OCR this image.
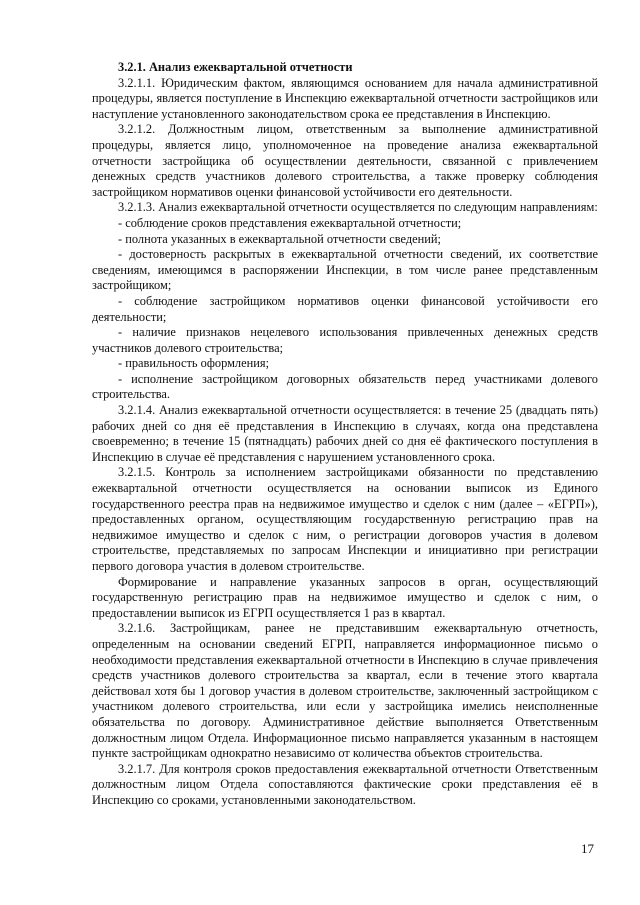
3.2.1. Анализ ежеквартальной отчетности

3.2.1.1. Юридическим фактом, являющимся основанием для начала административной процедуры, является поступление в Инспекцию ежеквартальной отчетности застройщиков или наступление установленного законодательством срока ее представления в Инспекцию.

3.2.1.2. Должностным лицом, ответственным за выполнение административной процедуры, является лицо, уполномоченное на проведение анализа ежеквартальной отчетности застройщика об осуществлении деятельности, связанной с привлечением денежных средств участников долевого строительства, а также проверку соблюдения застройщиком нормативов оценки финансовой устойчивости его деятельности.

3.2.1.3. Анализ ежеквартальной отчетности осуществляется по следующим направлениям:

- соблюдение сроков представления ежеквартальной отчетности;

- полнота указанных в ежеквартальной отчетности сведений;

- достоверность раскрытых в ежеквартальной отчетности сведений, их соответствие сведениям, имеющимся в распоряжении Инспекции, в том числе ранее представленным застройщиком;

- соблюдение застройщиком нормативов оценки финансовой устойчивости его деятельности;

- наличие признаков нецелевого использования привлеченных денежных средств участников долевого строительства;

- правильность оформления;

- исполнение застройщиком договорных обязательств перед участниками долевого строительства.

3.2.1.4. Анализ ежеквартальной отчетности осуществляется: в течение 25 (двадцать пять) рабочих дней со дня её представления в Инспекцию в случаях, когда она представлена своевременно; в течение 15 (пятнадцать) рабочих дней со дня её фактического поступления в Инспекцию в случае её представления с нарушением установленного срока.

3.2.1.5. Контроль за исполнением застройщиками обязанности по представлению ежеквартальной отчетности осуществляется на основании выписок из Единого государственного реестра прав на недвижимое имущество и сделок с ним (далее – «ЕГРП»), предоставленных органом, осуществляющим государственную регистрацию прав на недвижимое имущество и сделок с ним, о регистрации договоров участия в долевом строительстве, представляемых по запросам Инспекции и инициативно при регистрации первого договора участия в долевом строительстве.

Формирование и направление указанных запросов в орган, осуществляющий государственную регистрацию прав на недвижимое имущество и сделок с ним, о предоставлении выписок из ЕГРП осуществляется 1 раз в квартал.

3.2.1.6. Застройщикам, ранее не представившим ежеквартальную отчетность, определенным на основании сведений ЕГРП, направляется информационное письмо о необходимости представления ежеквартальной отчетности в Инспекцию в случае привлечения средств участников долевого строительства за квартал, если в течение этого квартала действовал хотя бы 1 договор участия в долевом строительстве, заключенный застройщиком с участником долевого строительства, или если у застройщика имелись неисполненные обязательства по договору. Административное действие выполняется Ответственным должностным лицом Отдела. Информационное письмо направляется указанным в настоящем пункте застройщикам однократно независимо от количества объектов строительства.

3.2.1.7. Для контроля сроков предоставления ежеквартальной отчетности Ответственным должностным лицом Отдела сопоставляются фактические сроки представления её в Инспекцию со сроками, установленными законодательством.

17
